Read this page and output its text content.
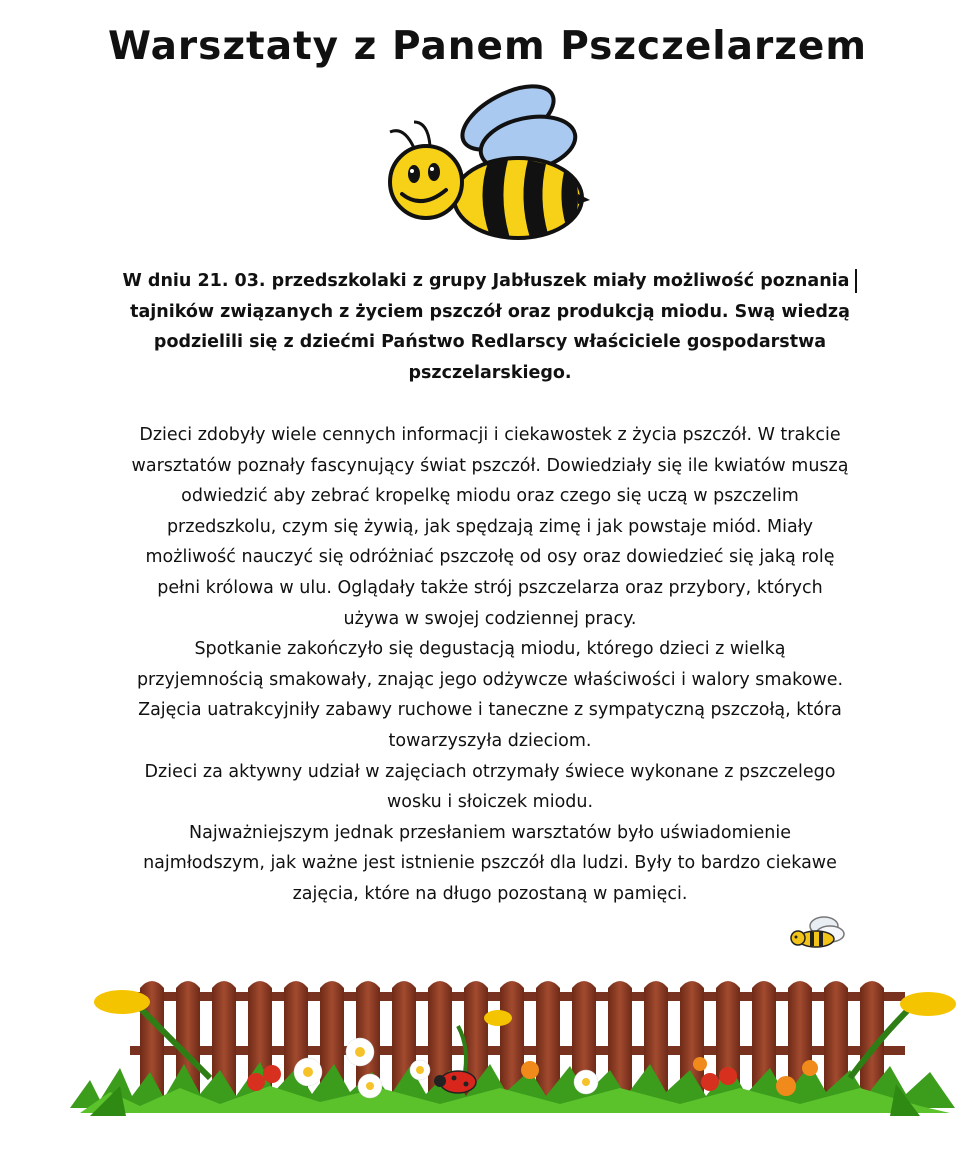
Warsztaty z Panem Pszczelarzem
W dniu 21. 03. przedszkolaki z grupy Jabłuszek miały możliwość poznania
tajników związanych z życiem pszczół oraz produkcją miodu. Swą wiedzą
podzielili się z dziećmi Państwo Redlarscy właściciele gospodarstwa
pszczelarskiego.

Dzieci zdobyły wiele cennych informacji i ciekawostek z życia pszczół. W trakcie

warsztatów poznały fascynujący świat pszczół. Dowiedziały się ile kwiatów muszą

odwiedzić aby zebrać kropelkę miodu oraz czego się uczą w pszczelim

przedszkolu, czym się żywią, jak spędzają zimę i jak powstaje miód. Miały

możliwość nauczyć się odróżniać pszczołę od osy oraz dowiedzieć się jaką rolę

pełni królowa w ulu. Oglądały także strój pszczelarza oraz przybory, których

używa w swojej codziennej pracy.

Spotkanie zakończyło się degustacją miodu, którego dzieci z wielką

przyjemnością smakowały, znając jego odżywcze właściwości i walory smakowe.

Zajęcia uatrakcyjniły zabawy ruchowe i taneczne z sympatyczną pszczołą, która

towarzyszyła dzieciom.

Dzieci za aktywny udział w zajęciach otrzymały świece wykonane z pszczelego

wosku i słoiczek miodu.

Najważniejszym jednak przesłaniem warsztatów było uświadomienie

najmłodszym, jak ważne jest istnienie pszczół dla ludzi. Były to bardzo ciekawe

zajęcia, które na długo pozostaną w pamięci.
